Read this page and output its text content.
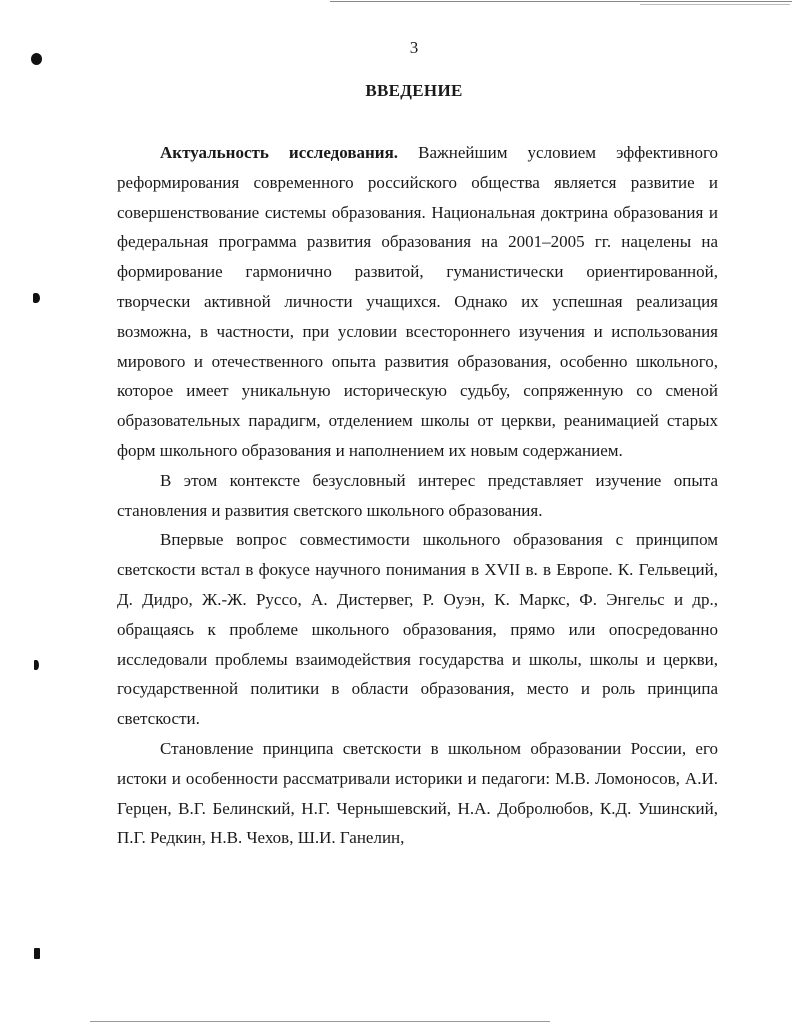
3
ВВЕДЕНИЕ

Актуальность исследования. Важнейшим условием эффективного реформирования современного российского общества является развитие и совершенствование системы образования. Национальная доктрина образования и федеральная программа развития образования на 2001–2005 гг. нацелены на формирование гармонично развитой, гуманистически ориентированной, творчески активной личности учащихся. Однако их успешная реализация возможна, в частности, при условии всестороннего изучения и использования мирового и отечественного опыта развития образования, особенно школьного, которое имеет уникальную историческую судьбу, сопряженную со сменой образовательных парадигм, отделением школы от церкви, реанимацией старых форм школьного образования и наполнением их новым содержанием.

В этом контексте безусловный интерес представляет изучение опыта становления и развития светского школьного образования.

Впервые вопрос совместимости школьного образования с принципом светскости встал в фокусе научного понимания в XVII в. в Европе. К. Гельвеций, Д. Дидро, Ж.-Ж. Руссо, А. Дистервег, Р. Оуэн, К. Маркс, Ф. Энгельс и др., обращаясь к проблеме школьного образования, прямо или опосредованно исследовали проблемы взаимодействия государства и школы, школы и церкви, государственной политики в области образования, место и роль принципа светскости.

Становление принципа светскости в школьном образовании России, его истоки и особенности рассматривали историки и педагоги: М.В. Ломоносов, А.И. Герцен, В.Г. Белинский, Н.Г. Чернышевский, Н.А. Добролюбов, К.Д. Ушинский, П.Г. Редкин, Н.В. Чехов, Ш.И. Ганелин,
